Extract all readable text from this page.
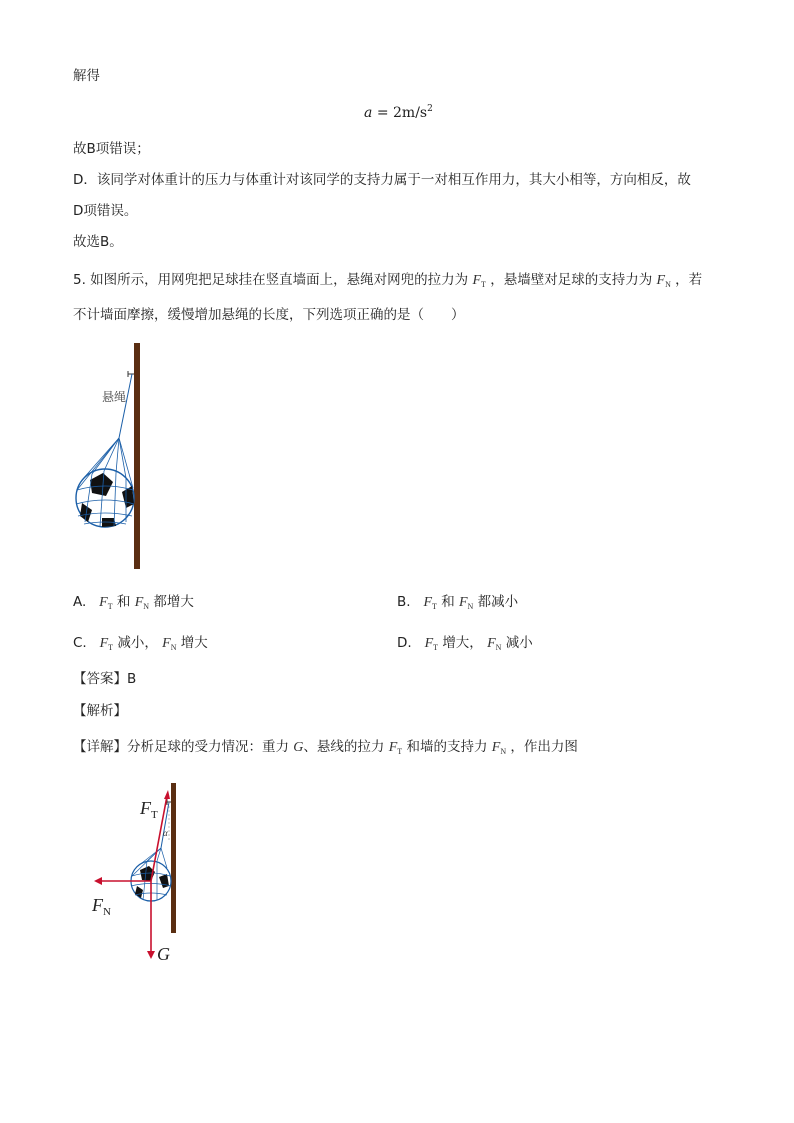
解得
$a = 2m/s^2$
故B项错误；
D．该同学对体重计的压力与体重计对该同学的支持力属于一对相互作用力，其大小相等，方向相反，故
D项错误。
故选B。
5. 如图所示，用网兜把足球挂在竖直墙面上，悬绳对网兜的拉力为 $F_T$ ，悬墙壁对足球的支持力为 $F_N$ ，若
不计墙面摩擦，缓慢增加悬绳的长度，下列选项正确的是（　　）
悬绳
A. $F_T$ 和 $F_N$ 都增大	B. $F_T$ 和 $F_N$ 都减小
C. $F_T$ 减小， $F_N$ 增大	D. $F_T$ 增大， $F_N$ 减小
【答案】B
【解析】
【详解】分析足球的受力情况：重力 G、悬线的拉力 $F_T$ 和墙的支持力 $F_N$ ，作出力图
α
$F_T$
$F_N$
G
